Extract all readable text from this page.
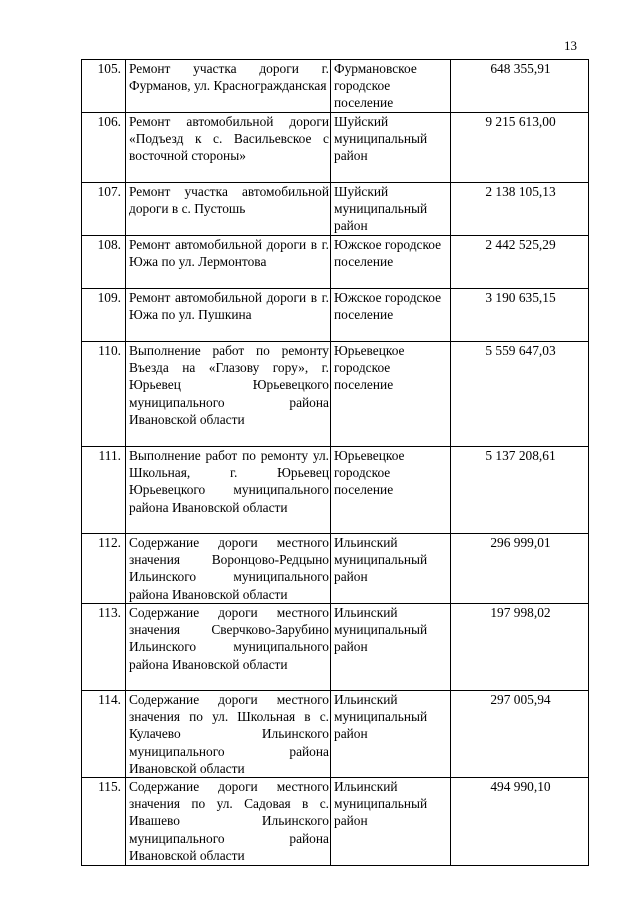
13
105.	Ремонт участка дороги г. Фурманов, ул. Красногражданская	Фурмановское городское поселение	648 355,91
106.	Ремонт автомобильной дороги «Подъезд к с. Васильевское с восточной стороны»	Шуйский муниципальный район	9 215 613,00
107.	Ремонт участка автомобильной дороги в с. Пустошь	Шуйский муниципальный район	2 138 105,13
108.	Ремонт автомобильной дороги в г. Южа по ул. Лермонтова	Южское городское поселение	2 442 525,29
109.	Ремонт автомобильной дороги в г. Южа по ул. Пушкина	Южское городское поселение	3 190 635,15
110.	Выполнение работ по ремонту Въезда на «Глазову гору», г. Юрьевец Юрьевецкого муниципального района Ивановской области	Юрьевецкое городское поселение	5 559 647,03
111.	Выполнение работ по ремонту ул. Школьная, г. Юрьевец Юрьевецкого муниципального района Ивановской области	Юрьевецкое городское поселение	5 137 208,61
112.	Содержание дороги местного значения Воронцово-Редцыно Ильинского муниципального района Ивановской области	Ильинский муниципальный район	296 999,01
113.	Содержание дороги местного значения Сверчково-Зарубино Ильинского муниципального района Ивановской области	Ильинский муниципальный район	197 998,02
114.	Содержание дороги местного значения по ул. Школьная в с. Кулачево Ильинского муниципального района Ивановской области	Ильинский муниципальный район	297 005,94
115.	Содержание дороги местного значения по ул. Садовая в с. Ивашево Ильинского муниципального района Ивановской области	Ильинский муниципальный район	494 990,10
